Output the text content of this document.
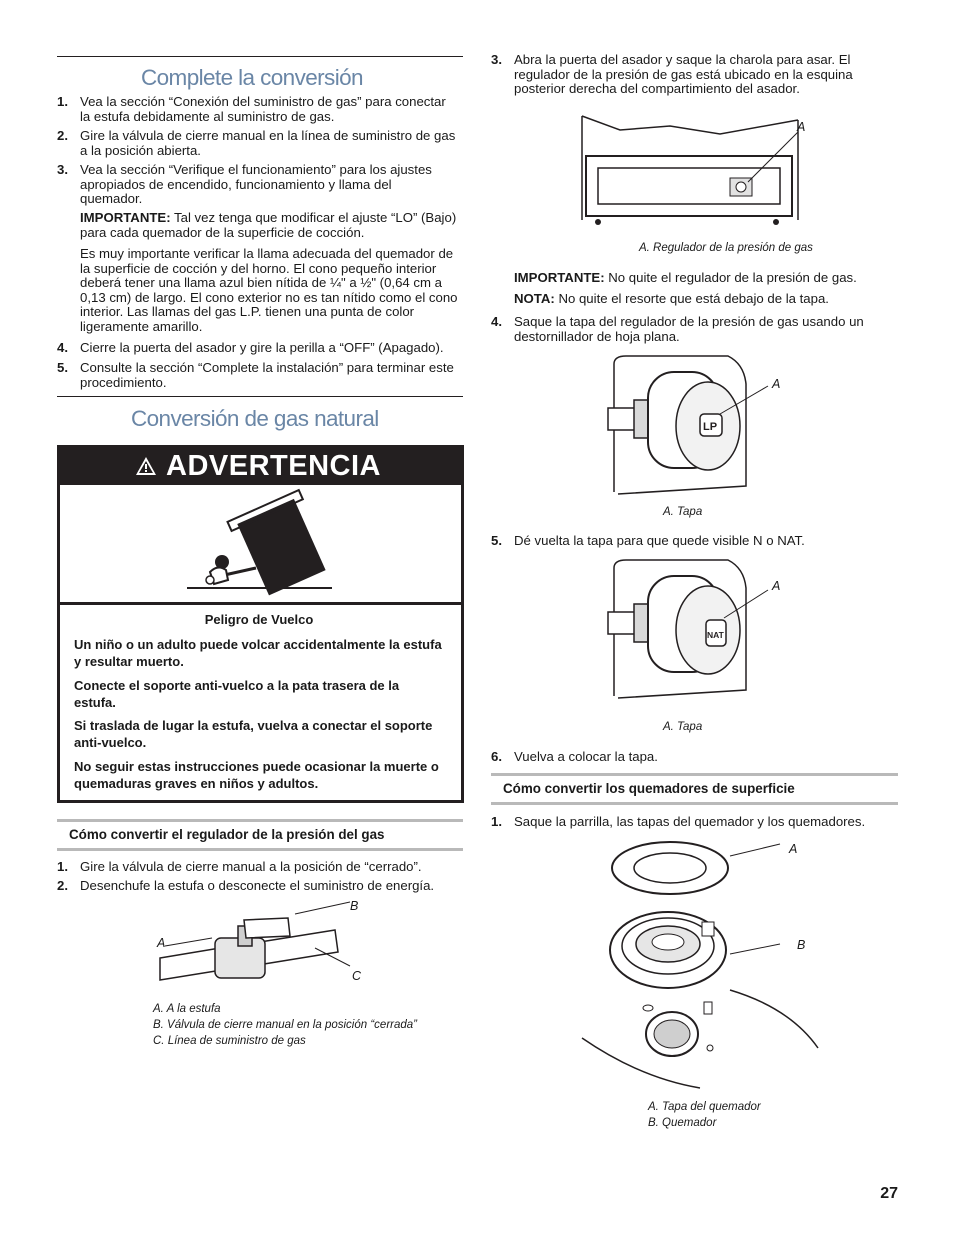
Complete la conversión
1. Vea la sección “Conexión del suministro de gas” para conectar la estufa debidamente al suministro de gas.
2. Gire la válvula de cierre manual en la línea de suministro de gas a la posición abierta.
3. Vea la sección “Verifique el funcionamiento” para los ajustes apropiados de encendido, funcionamiento y llama del quemador.
IMPORTANTE: Tal vez tenga que modificar el ajuste “LO” (Bajo) para cada quemador de la superficie de cocción.
Es muy importante verificar la llama adecuada del quemador de la superficie de cocción y del horno. El cono pequeño interior deberá tener una llama azul bien nítida de ¼" a ½" (0,64 cm a 0,13 cm) de largo. El cono exterior no es tan nítido como el cono interior. Las llamas del gas L.P. tienen una punta de color ligeramente amarillo.
4. Cierre la puerta del asador y gire la perilla a “OFF” (Apagado).
5. Consulte la sección “Complete la instalación” para terminar este procedimiento.
Conversión de gas natural
ADVERTENCIA
Peligro de Vuelco
Un niño o un adulto puede volcar accidentalmente la estufa y resultar muerto.
Conecte el soporte anti-vuelco a la pata trasera de la estufa.
Si traslada de lugar la estufa, vuelva a conectar el soporte anti-vuelco.
No seguir estas instrucciones puede ocasionar la muerte o quemaduras graves en niños y adultos.
Cómo convertir el regulador de la presión del gas
1. Gire la válvula de cierre manual a la posición de “cerrado”.
2. Desenchufe la estufa o desconecte el suministro de energía.
A
B
C
A. A la estufa
B. Válvula de cierre manual en la posición “cerrada”
C. Línea de suministro de gas
3. Abra la puerta del asador y saque la charola para asar. El regulador de la presión de gas está ubicado en la esquina posterior derecha del compartimiento del asador.
A
A. Regulador de la presión de gas
IMPORTANTE: No quite el regulador de la presión de gas.
NOTA: No quite el resorte que está debajo de la tapa.
4. Saque la tapa del regulador de la presión de gas usando un destornillador de hoja plana.
LP
A
A. Tapa
5. Dé vuelta la tapa para que quede visible N o NAT.
NAT
A
A. Tapa
6. Vuelva a colocar la tapa.
Cómo convertir los quemadores de superficie
1. Saque la parrilla, las tapas del quemador y los quemadores.
A
B
A. Tapa del quemador
B. Quemador
27
